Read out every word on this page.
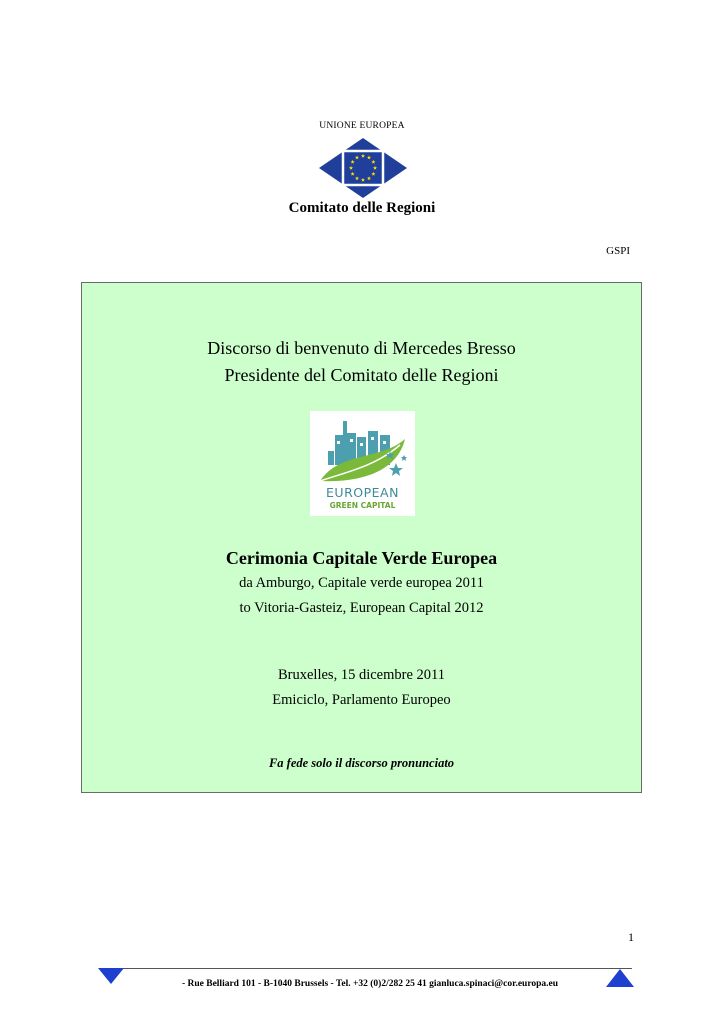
UNIONE EUROPEA
Comitato delle Regioni
GSPI
Discorso di benvenuto di Mercedes Bresso
Presidente del Comitato delle Regioni
EUROPEAN
GREEN CAPITAL
Cerimonia Capitale Verde Europea
da Amburgo, Capitale verde europea 2011
to Vitoria-Gasteiz, European Capital 2012
Bruxelles, 15 dicembre 2011
Emiciclo, Parlamento Europeo
Fa fede solo il discorso pronunciato
1
- Rue Belliard 101 - B-1040 Brussels - Tel. +32 (0)2/282 25 41 gianluca.spinaci@cor.europa.eu
